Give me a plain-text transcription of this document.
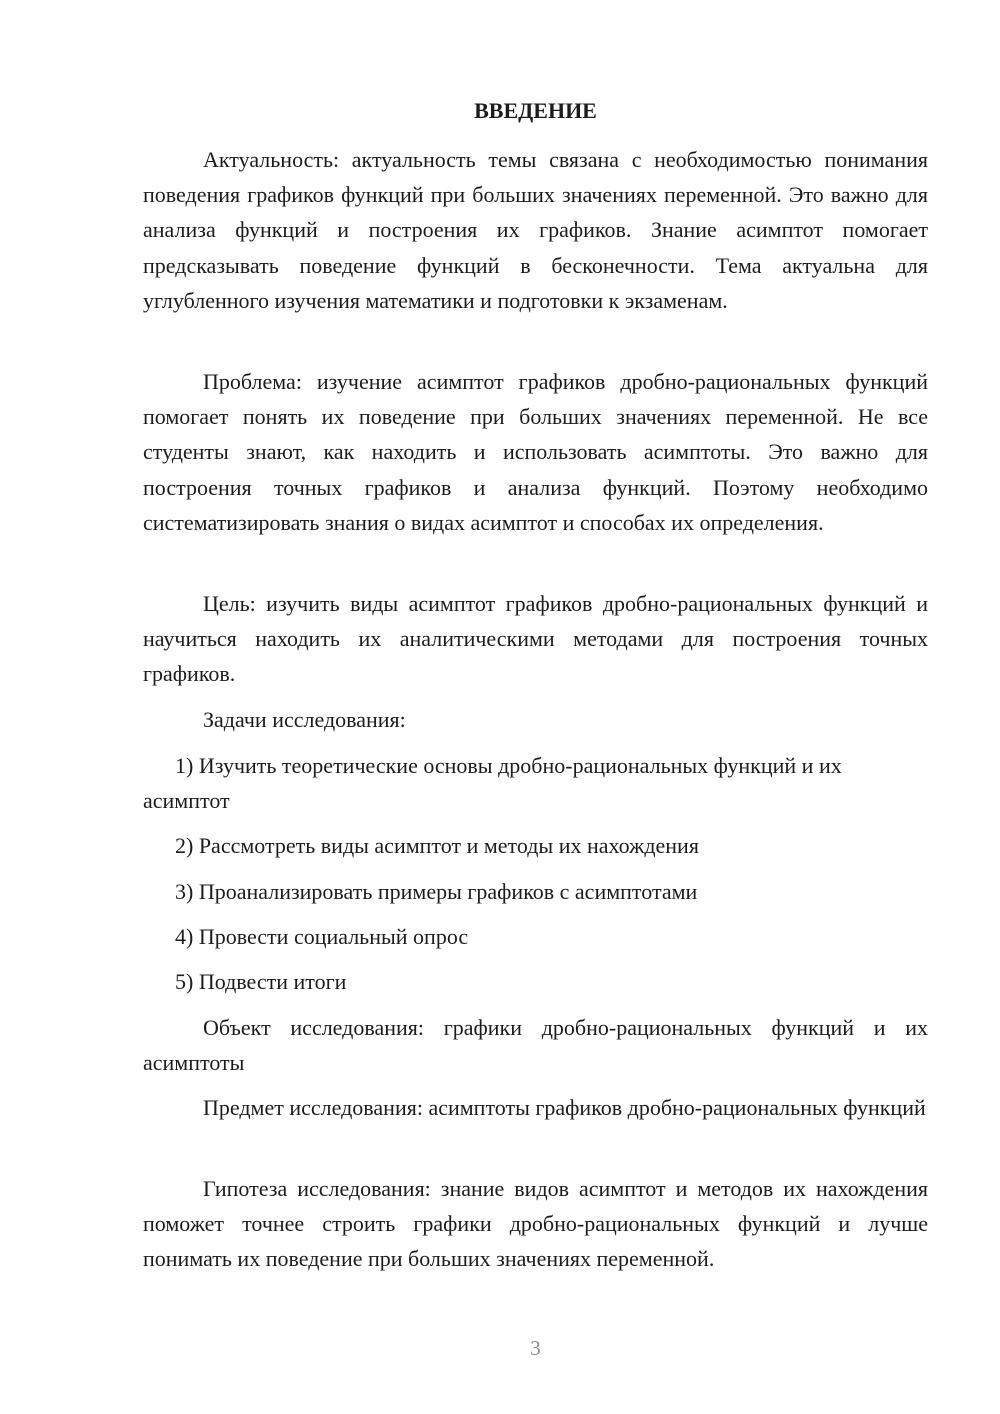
ВВЕДЕНИЕ

Актуальность: актуальность темы связана с необходимостью понимания поведения графиков функций при больших значениях переменной. Это важно для анализа функций и построения их графиков. Знание асимптот помогает предсказывать поведение функций в бесконечности. Тема актуальна для углубленного изучения математики и подготовки к экзаменам.

Проблема: изучение асимптот графиков дробно-рациональных функций помогает понять их поведение при больших значениях переменной. Не все студенты знают, как находить и использовать асимптоты. Это важно для построения точных графиков и анализа функций. Поэтому необходимо систематизировать знания о видах асимптот и способах их определения.

Цель: изучить виды асимптот графиков дробно-рациональных функций и научиться находить их аналитическими методами для построения точных графиков.

Задачи исследования:

1) Изучить теоретические основы дробно-рациональных функций и их асимптот

2) Рассмотреть виды асимптот и методы их нахождения

3) Проанализировать примеры графиков с асимптотами

4) Провести социальный опрос

5) Подвести итоги

Объект исследования: графики дробно-рациональных функций и их асимптоты

Предмет исследования: асимптоты графиков дробно-рациональных функций

Гипотеза исследования: знание видов асимптот и методов их нахождения поможет точнее строить графики дробно-рациональных функций и лучше понимать их поведение при больших значениях переменной.

3
